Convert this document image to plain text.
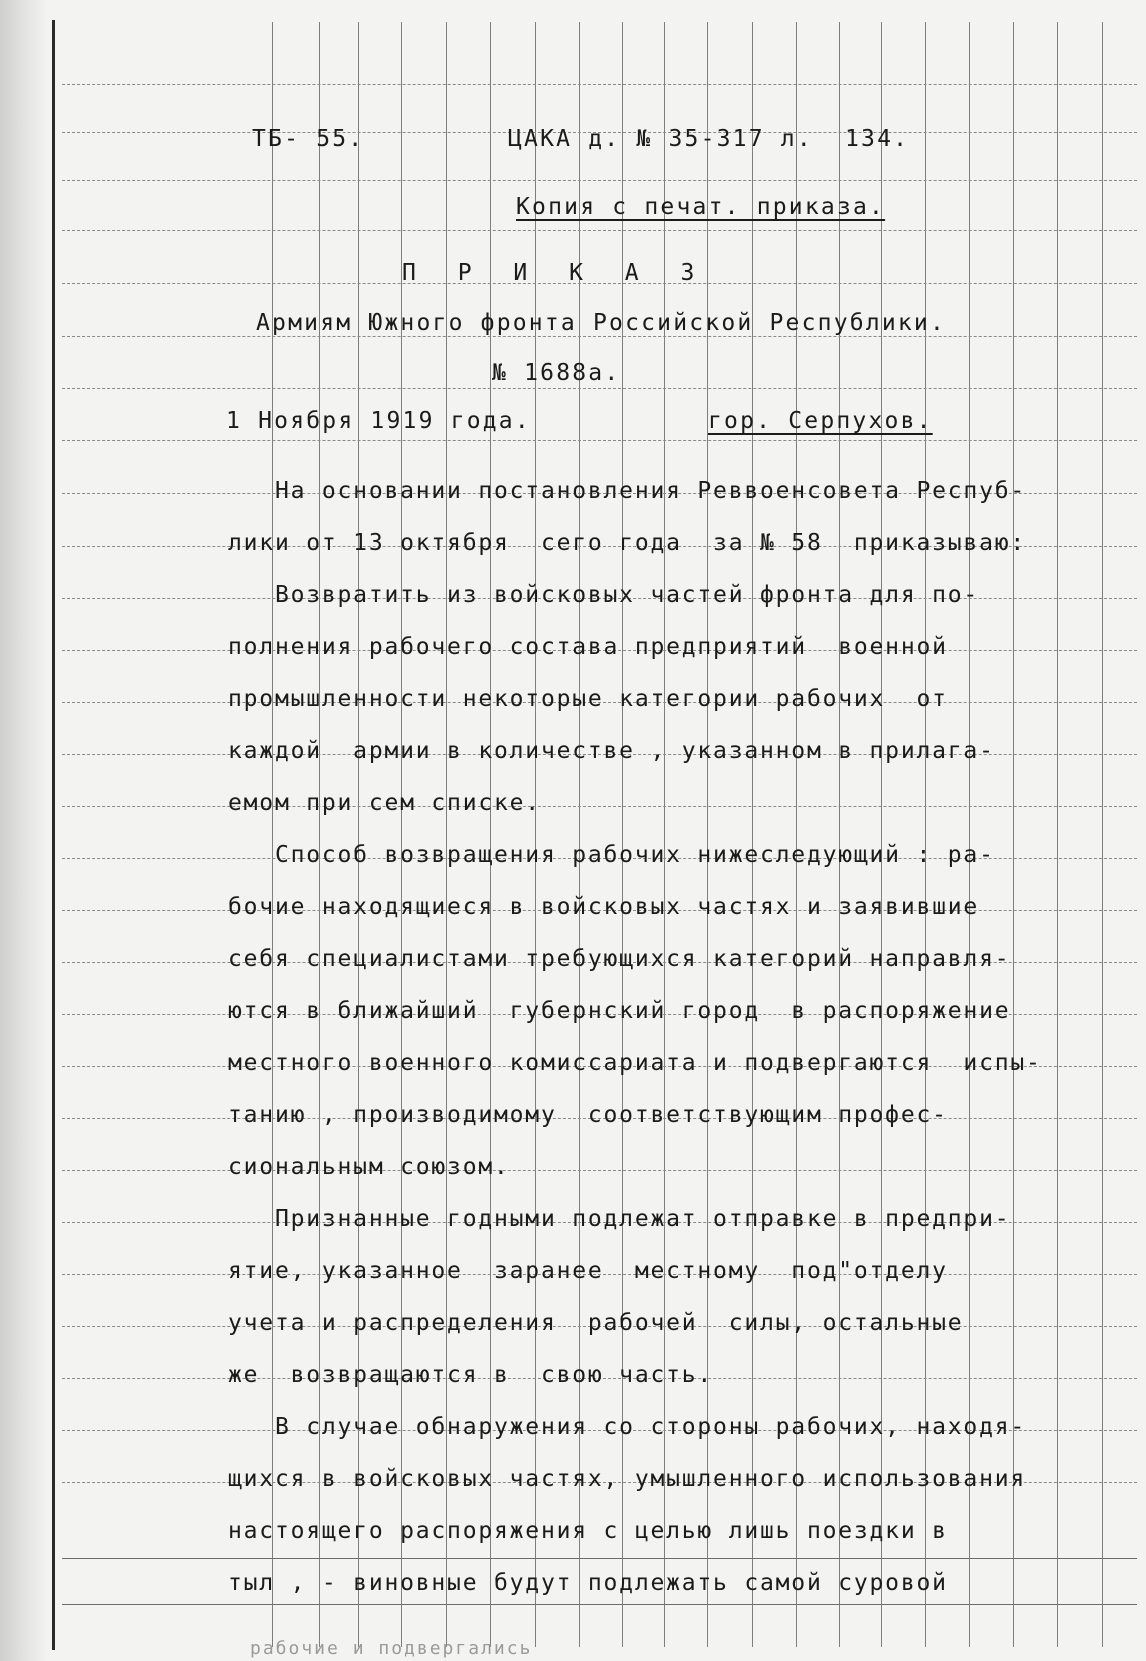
ТБ- 55.	ЦАКА д. № 35-317 л.  134.
Копия с печат. приказа.
П Р И К А З
Армиям Южного фронта Российской Республики.
№ 1688а.
1 Ноября 1919 года.	гор. Серпухов.
На основании постановления Реввоенсовета Респуб-
лики от 13 октября  сего года  за № 58  приказываю:
Возвратить из войсковых частей фронта для по-
полнения рабочего состава предприятий  военной
промышленности некоторые категории рабочих  от
каждой  армии в количестве , указанном в прилага-
емом при сем списке.
Способ возвращения рабочих нижеследующий : ра-
бочие находящиеся в войсковых частях и заявившие
себя специалистами требующихся категорий направля-
ются в ближайший  губернский город  в распоряжение
местного военного комиссариата и подвергаются  испы-
танию , производимому  соответствующим профес-
сиональным союзом.
Признанные годными подлежат отправке в предпри-
ятие, указанное  заранее  местному  под"отделу
учета и распределения  рабочей  силы, остальные
же  возвращаются в  свою часть.
В случае обнаружения со стороны рабочих, находя-
щихся в войсковых частях, умышленного использования
настоящего распоряжения с целью лишь поездки в
тыл , - виновные будут подлежать самой суровой
рабочие и подвергались
